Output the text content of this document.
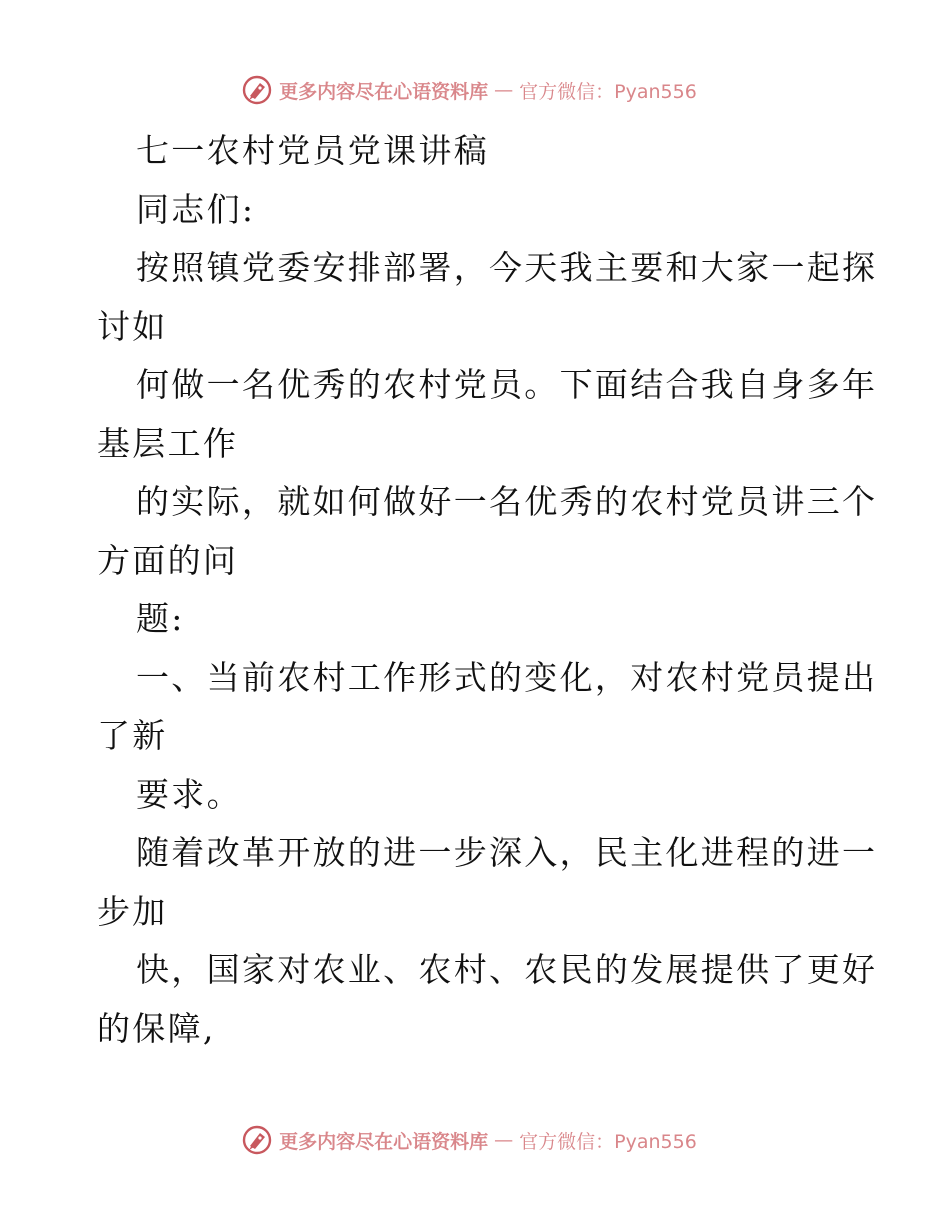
更多内容尽在心语资料库 — 官方微信：Pyan556
七一农村党员党课讲稿
同志们:
按照镇党委安排部署，今天我主要和大家一起探
讨如
何做一名优秀的农村党员。下面结合我自身多年
基层工作
的实际，就如何做好一名优秀的农村党员讲三个
方面的问
题:
一、当前农村工作形式的变化，对农村党员提出
了新
要求。
随着改革开放的进一步深入，民主化进程的进一
步加
快，国家对农业、农村、农民的发展提供了更好
的保障,
更多内容尽在心语资料库 — 官方微信：Pyan556
